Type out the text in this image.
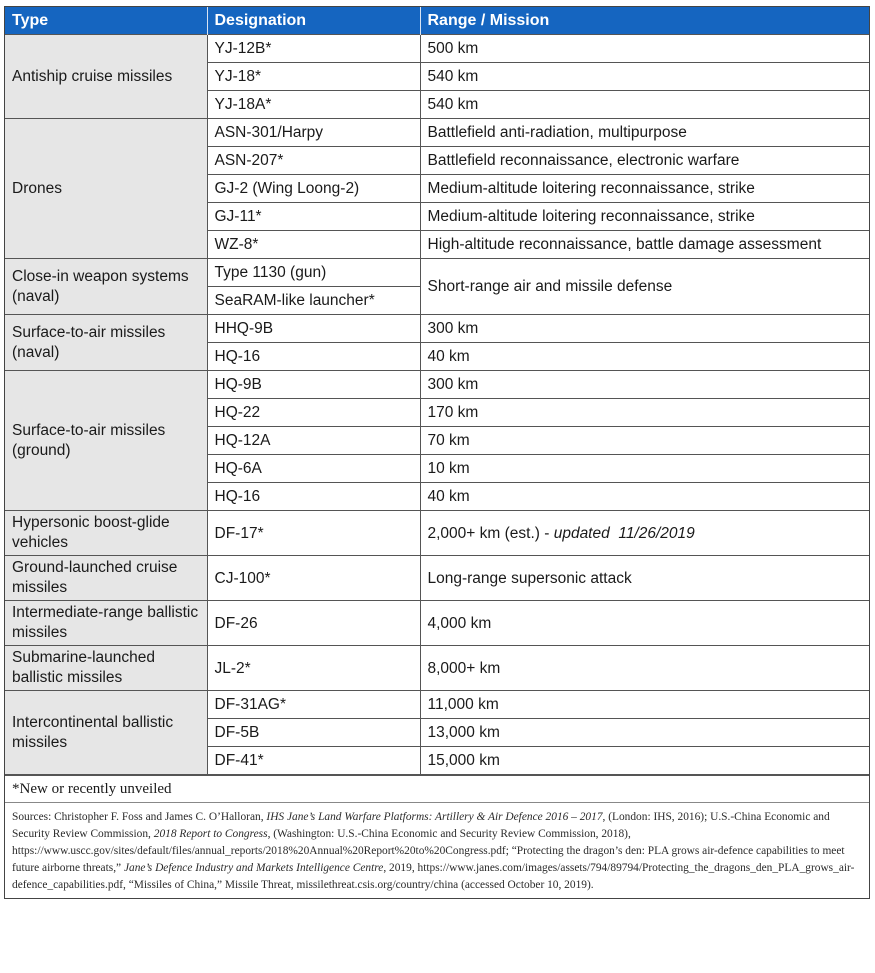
Type	Designation	Range / Mission
Antiship cruise missiles	YJ-12B*	500 km
	YJ-18*	540 km
	YJ-18A*	540 km
Drones	ASN-301/Harpy	Battlefield anti-radiation, multipurpose
	ASN-207*	Battlefield reconnaissance, electronic warfare
	GJ-2 (Wing Loong-2)	Medium-altitude loitering reconnaissance, strike
	GJ-11*	Medium-altitude loitering reconnaissance, strike
	WZ-8*	High-altitude reconnaissance, battle damage assessment
Close-in weapon systems (naval)	Type 1130 (gun)	Short-range air and missile defense
	SeaRAM-like launcher*	
Surface-to-air missiles (naval)	HHQ-9B	300 km
	HQ-16	40 km
Surface-to-air missiles (ground)	HQ-9B	300 km
	HQ-22	170 km
	HQ-12A	70 km
	HQ-6A	10 km
	HQ-16	40 km
Hypersonic boost-glide vehicles	DF-17*	2,000+ km (est.) - updated  11/26/2019
Ground-launched cruise missiles	CJ-100*	Long-range supersonic attack
Intermediate-range ballistic missiles	DF-26	4,000 km
Submarine-launched ballistic missiles	JL-2*	8,000+ km
Intercontinental ballistic missiles	DF-31AG*	11,000 km
	DF-5B	13,000 km
	DF-41*	15,000 km
*New or recently unveiled
Sources: Christopher F. Foss and James C. O’Halloran, IHS Jane’s Land Warfare Platforms: Artillery & Air Defence 2016 – 2017, (London: IHS, 2016); U.S.-China Economic and Security Review Commission, 2018 Report to Congress, (Washington: U.S.-China Economic and Security Review Commission, 2018), https://www.uscc.gov/sites/default/files/annual_reports/2018%20Annual%20Report%20to%20Congress.pdf; “Protecting the dragon’s den: PLA grows air-defence capabilities to meet future airborne threats,” Jane’s Defence Industry and Markets Intelligence Centre, 2019, https://www.janes.com/images/assets/794/89794/Protecting_the_dragons_den_PLA_grows_air-defence_capabilities.pdf, “Missiles of China,” Missile Threat, missilethreat.csis.org/country/china (accessed October 10, 2019).
